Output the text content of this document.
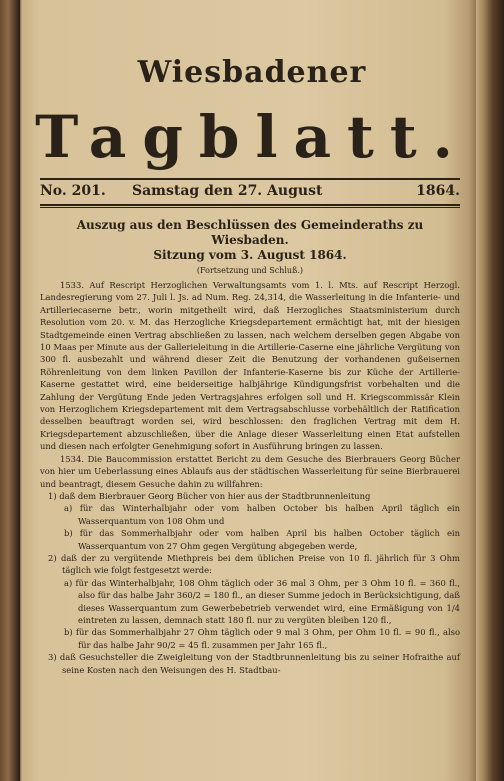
Wiesbadener
Tagblatt.
No. 201. Samstag den 27. August	1864.
Auszug aus den Beschlüssen des Gemeinderaths zu Wiesbaden.
Sitzung vom 3. August 1864.
(Fortsetzung und Schluß.)

1533. Auf Rescript Herzoglichen Verwaltungsamts vom 1. l. Mts. auf Rescript Herzogl. Landesregierung vom 27. Juli l. Js. ad Num. Reg. 24,314, die Wasserleitung in die Infanterie- und Artilleriecaserne betr., worin mitgetheilt wird, daß Herzogliches Staatsministerium durch Resolution vom 20. v. M. das Herzogliche Kriegsdepartement ermächtigt hat, mit der hiesigen Stadtgemeinde einen Vertrag abschließen zu lassen, nach welchem derselben gegen Abgabe von 10 Maas per Minute aus der Gallerieleitung in die Artillerie-Caserne eine jährliche Vergütung von 300 fl. ausbezahlt und während dieser Zeit die Benutzung der vorhandenen gußeisernen Röhrenleitung von dem linken Pavillon der Infanterie-Kaserne bis zur Küche der Artillerie-Kaserne gestattet wird, eine beiderseitige halbjährige Kündigungsfrist vorbehalten und die Zahlung der Vergütung Ende jeden Vertragsjahres erfolgen soll und H. Kriegscommissär Klein von Herzoglichem Kriegsdepartement mit dem Vertragsabschlusse vorbehältlich der Ratification desselben beauftragt worden sei, wird beschlossen: den fraglichen Vertrag mit dem H. Kriegsdepartement abzuschließen, über die Anlage dieser Wasserleitung einen Etat aufstellen und diesen nach erfolgter Genehmigung sofort in Ausführung bringen zu lassen.

1534. Die Baucommission erstattet Bericht zu dem Gesuche des Bierbrauers Georg Bücher von hier um Ueberlassung eines Ablaufs aus der städtischen Wasserleitung für seine Bierbrauerei und beantragt, diesem Gesuche dahin zu willfahren:

1) daß dem Bierbrauer Georg Bücher von hier aus der Stadtbrunnenleitung

a) für das Winterhalbjahr oder vom halben October bis halben April täglich ein Wasserquantum von 108 Ohm und

b) für das Sommerhalbjahr oder vom halben April bis halben October täglich ein Wasserquantum von 27 Ohm gegen Vergütung abgegeben werde,

2) daß der zu vergütende Miethpreis bei dem üblichen Preise von 10 fl. jährlich für 3 Ohm täglich wie folgt festgesetzt werde:

a) für das Winterhalbjahr, 108 Ohm täglich oder 36 mal 3 Ohm, per 3 Ohm 10 fl. = 360 fl., also für das halbe Jahr 360/2 = 180 fl., an dieser Summe jedoch in Berücksichtigung, daß dieses Wasserquantum zum Gewerbebetrieb verwendet wird, eine Ermäßigung von 1/4 eintreten zu lassen, demnach statt 180 fl. nur zu vergüten bleiben 120 fl.,

b) für das Sommerhalbjahr 27 Ohm täglich oder 9 mal 3 Ohm, per Ohm 10 fl. = 90 fl., also für das halbe Jahr 90/2 = 45 fl. zusammen per Jahr 165 fl.,

3) daß Gesuchsteller die Zweigleitung von der Stadtbrunnenleitung bis zu seiner Hofraithe auf seine Kosten nach den Weisungen des H. Stadtbau-
